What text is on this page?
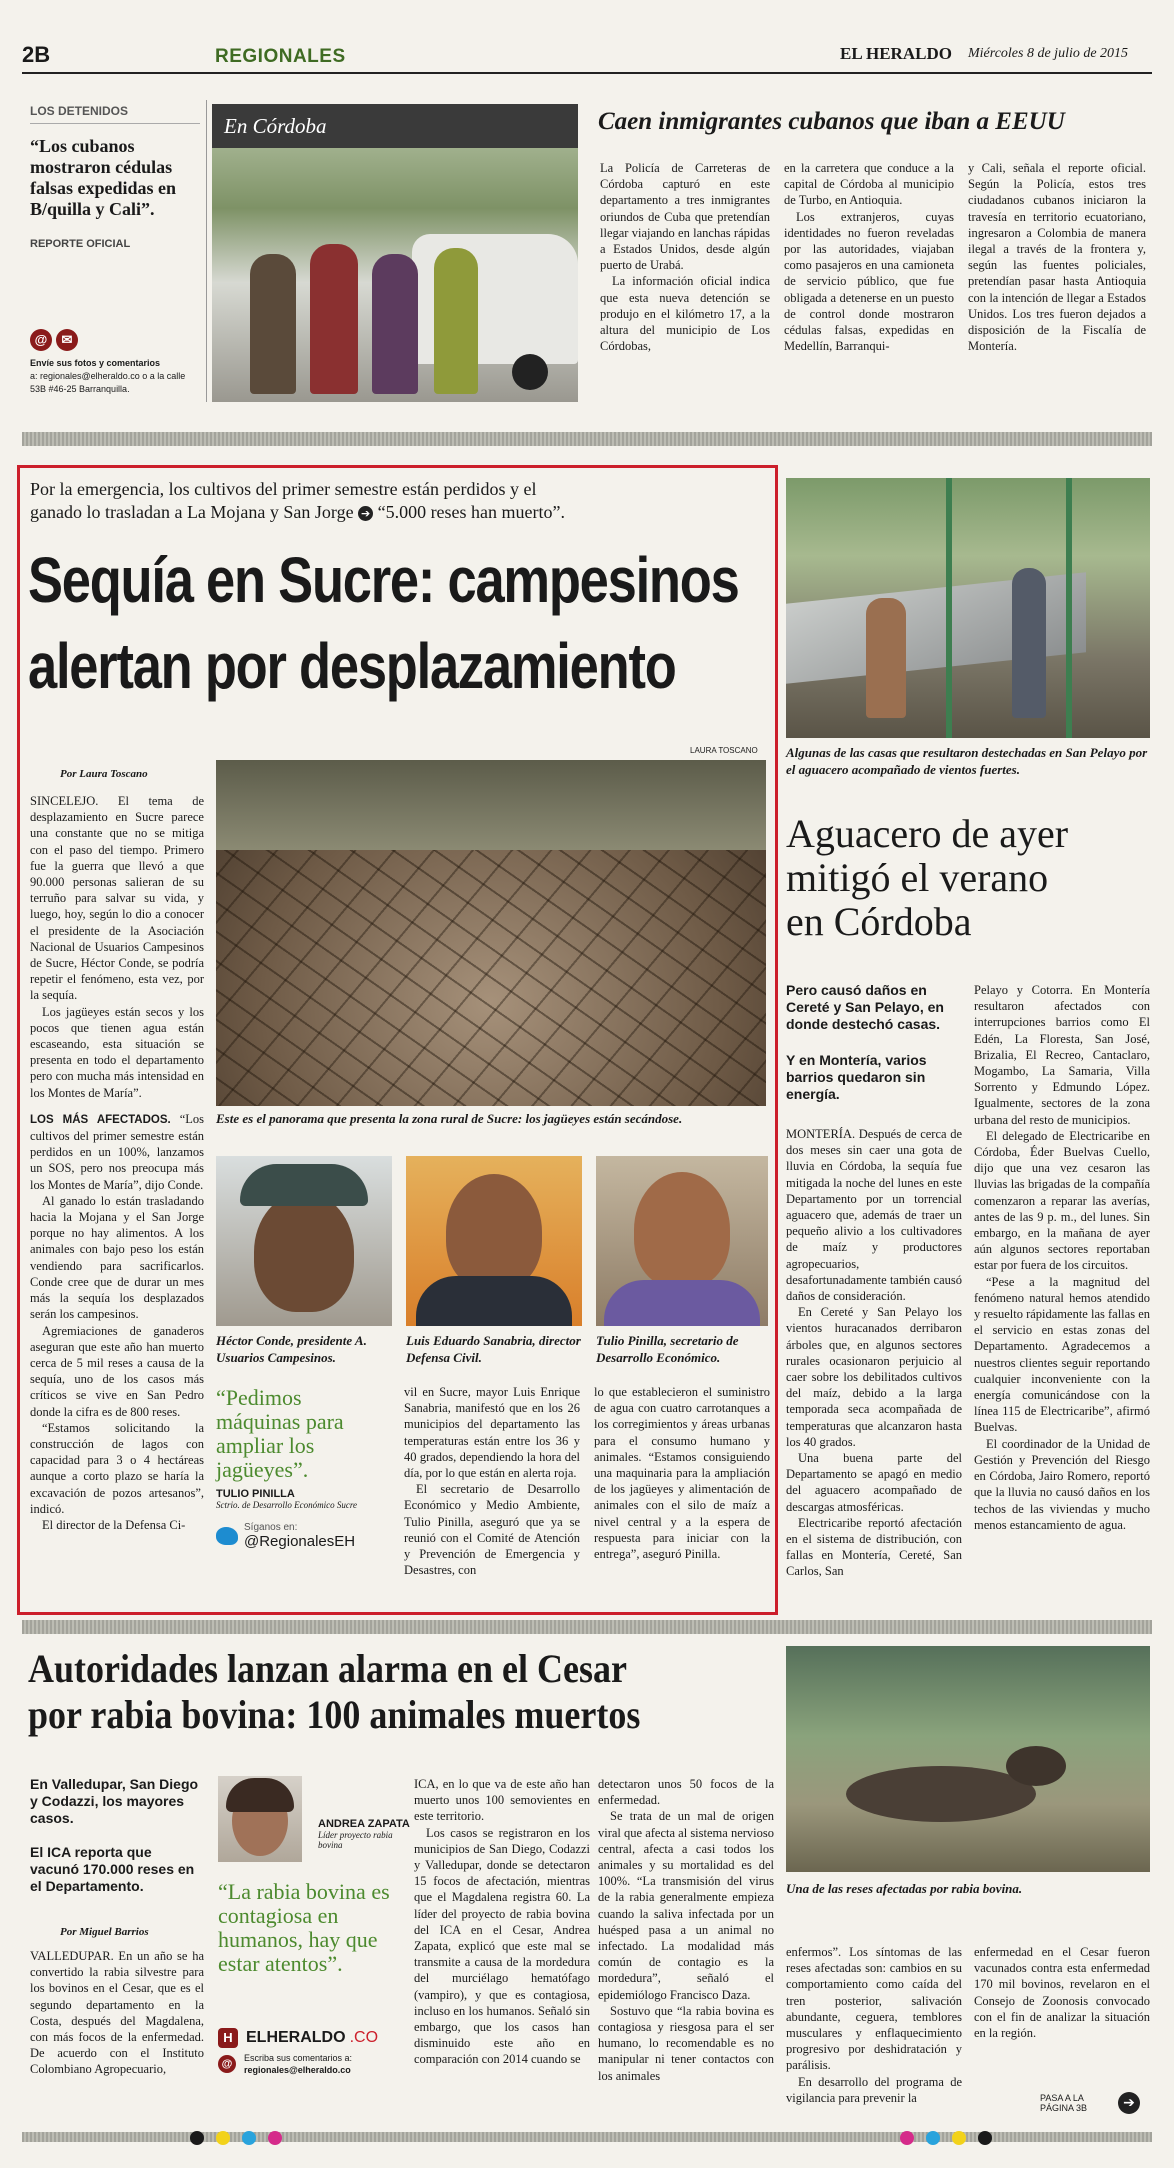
2B	REGIONALES	EL HERALDO Miércoles 8 de julio de 2015
LOS DETENIDOS
“Los cubanos mostraron cédulas falsas expedidas en B/quilla y Cali”.
REPORTE OFICIAL
@ ✉
Envíe sus fotos y comentarios
a: regionales@elheraldo.co o a la calle 53B #46-25 Barranquilla.
En Córdoba	Caen inmigrantes cubanos que iban a EEUU

La Policía de Carreteras de Córdoba capturó en este departamento a tres inmigrantes oriundos de Cuba que pretendían llegar viajando en lanchas rápidas a Estados Unidos, desde algún puerto de Urabá.

La información oficial indica que esta nueva detención se produjo en el kilómetro 17, a la altura del municipio de Los Córdobas,

en la carretera que conduce a la capital de Córdoba al municipio de Turbo, en Antioquia.

Los extranjeros, cuyas identidades no fueron reveladas por las autoridades, viajaban como pasajeros en una camioneta de servicio público, que fue obligada a detenerse en un puesto de control donde mostraron cédulas falsas, expedidas en Medellín, Barranqui-

y Cali, señala el reporte oficial. Según la Policía, estos tres ciudadanos cubanos iniciaron la travesía en territorio ecuatoriano, ingresaron a Colombia de manera ilegal a través de la frontera y, según las fuentes policiales, pretendían pasar hasta Antioquia con la intención de llegar a Estados Unidos. Los tres fueron dejados a disposición de la Fiscalía de Montería.

Por la emergencia, los cultivos del primer semestre están perdidos y el
ganado lo trasladan a La Mojana y San Jorge ➔ “5.000 reses han muerto”.
Sequía en Sucre: campesinos
alertan por desplazamiento
LAURA TOSCANO
Por Laura Toscano
Este es el panorama que presenta la zona rural de Sucre: los jagüeyes están secándose.

SINCELEJO. El tema de desplazamiento en Sucre parece una constante que no se mitiga con el paso del tiempo. Primero fue la guerra que llevó a que 90.000 personas salieran de su terruño para salvar su vida, y luego, hoy, según lo dio a conocer el presidente de la Asociación Nacional de Usuarios Campesinos de Sucre, Héctor Conde, se podría repetir el fenómeno, esta vez, por la sequía.

Los jagüeyes están secos y los pocos que tienen agua están escaseando, esta situación se presenta en todo el departamento pero con mucha más intensidad en los Montes de María”.

LOS MÁS AFECTADOS. “Los cultivos del primer semestre están perdidos en un 100%, lanzamos un SOS, pero nos preocupa más los Montes de María”, dijo Conde.

Al ganado lo están trasladando hacia la Mojana y el San Jorge porque no hay alimentos. A los animales con bajo peso los están vendiendo para sacrificarlos. Conde cree que de durar un mes más la sequía los desplazados serán los campesinos.

Agremiaciones de ganaderos aseguran que este año han muerto cerca de 5 mil reses a causa de la sequía, uno de los casos más críticos se vive en San Pedro donde la cifra es de 800 reses.

“Estamos solicitando la construcción de lagos con capacidad para 3 o 4 hectáreas aunque a corto plazo se haría la excavación de pozos artesanos”, indicó.

El director de la Defensa Ci-

Héctor Conde, presidente A. Usuarios Campesinos.
Luis Eduardo Sanabria, director Defensa Civil.
Tulio Pinilla, secretario de Desarrollo Económico.
“Pedimos máquinas para ampliar los jagüeyes”.
TULIO PINILLA
Sctrio. de Desarrollo Económico Sucre
Síganos en:
@RegionalesEH

vil en Sucre, mayor Luis Enrique Sanabria, manifestó que en los 26 municipios del departamento las temperaturas están entre los 36 y 40 grados, dependiendo la hora del día, por lo que están en alerta roja.

El secretario de Desarrollo Económico y Medio Ambiente, Tulio Pinilla, aseguró que ya se reunió con el Comité de Atención y Prevención de Emergencia y Desastres, con

lo que establecieron el suministro de agua con cuatro carrotanques a los corregimientos y áreas urbanas para el consumo humano y animales. “Estamos consiguiendo una maquinaria para la ampliación de los jagüeyes y alimentación de animales con el silo de maíz a nivel central y a la espera de respuesta para iniciar con la entrega”, aseguró Pinilla.

Algunas de las casas que resultaron destechadas en San Pelayo por el aguacero acompañado de vientos fuertes.
Aguacero de ayer mitigó el verano en Córdoba
Pero causó daños en Cereté y San Pelayo, en donde destechó casas.
Y en Montería, varios barrios quedaron sin energía.

MONTERÍA. Después de cerca de dos meses sin caer una gota de lluvia en Córdoba, la sequía fue mitigada la noche del lunes en este Departamento por un torrencial aguacero que, además de traer un pequeño alivio a los cultivadores de maíz y productores agropecuarios, desafortunadamente también causó daños de consideración.

En Cereté y San Pelayo los vientos huracanados derribaron árboles que, en algunos sectores rurales ocasionaron perjuicio al caer sobre los debilitados cultivos del maíz, debido a la larga temporada seca acompañada de temperaturas que alcanzaron hasta los 40 grados.

Una buena parte del Departamento se apagó en medio del aguacero acompañado de descargas atmosféricas.

Electricaribe reportó afectación en el sistema de distribución, con fallas en Montería, Cereté, San Carlos, San

Pelayo y Cotorra. En Montería resultaron afectados con interrupciones barrios como El Edén, La Floresta, San José, Brizalia, El Recreo, Cantaclaro, Mogambo, La Samaria, Villa Sorrento y Edmundo López. Igualmente, sectores de la zona urbana del resto de municipios.

El delegado de Electricaribe en Córdoba, Éder Buelvas Cuello, dijo que una vez cesaron las lluvias las brigadas de la compañía comenzaron a reparar las averías, antes de las 9 p. m., del lunes. Sin embargo, en la mañana de ayer aún algunos sectores reportaban estar por fuera de los circuitos.

“Pese a la magnitud del fenómeno natural hemos atendido y resuelto rápidamente las fallas en el servicio en estas zonas del Departamento. Agradecemos a nuestros clientes seguir reportando cualquier inconveniente con la energía comunicándose con la línea 115 de Electricaribe”, afirmó Buelvas.

El coordinador de la Unidad de Gestión y Prevención del Riesgo en Córdoba, Jairo Romero, reportó que la lluvia no causó daños en los techos de las viviendas y mucho menos estancamiento de agua.

Autoridades lanzan alarma en el Cesar
por rabia bovina: 100 animales muertos
En Valledupar, San Diego y Codazzi, los mayores casos.
El ICA reporta que vacunó 170.000 reses en el Departamento.
Por Miguel Barrios

VALLEDUPAR. En un año se ha convertido la rabia silvestre para los bovinos en el Cesar, que es el segundo departamento en la Costa, después del Magdalena, con más focos de la enfermedad. De acuerdo con el Instituto Colombiano Agropecuario,

ANDREA ZAPATA
Líder proyecto rabia bovina
“La rabia bovina es contagiosa en humanos, hay que estar atentos”.
H ELHERALDO .CO
@	Escriba sus comentarios a:
regionales@elheraldo.co

ICA, en lo que va de este año han muerto unos 100 semovientes en este territorio.

Los casos se registraron en los municipios de San Diego, Codazzi y Valledupar, donde se detectaron 15 focos de afectación, mientras que el Magdalena registra 60. La líder del proyecto de rabia bovina del ICA en el Cesar, Andrea Zapata, explicó que este mal se transmite a causa de la mordedura del murciélago hematófago (vampiro), y que es contagiosa, incluso en los humanos. Señaló sin embargo, que los casos han disminuido este año en comparación con 2014 cuando se

detectaron unos 50 focos de la enfermedad.

Se trata de un mal de origen viral que afecta al sistema nervioso central, afecta a casi todos los animales y su mortalidad es del 100%. “La transmisión del virus de la rabia generalmente empieza cuando la saliva infectada por un huésped pasa a un animal no infectado. La modalidad más común de contagio es la mordedura”, señaló el epidemiólogo Francisco Daza.

Sostuvo que “la rabia bovina es contagiosa y riesgosa para el ser humano, lo recomendable es no manipular ni tener contactos con los animales

Una de las reses afectadas por rabia bovina.

enfermos”. Los síntomas de las reses afectadas son: cambios en su comportamiento como caída del tren posterior, salivación abundante, ceguera, temblores musculares y enflaquecimiento progresivo por deshidratación y parálisis.

En desarrollo del programa de vigilancia para prevenir la

enfermedad en el Cesar fueron vacunados contra esta enfermedad 170 mil bovinos, revelaron en el Consejo de Zoonosis convocado con el fin de analizar la situación en la región.

PASA A LA PÁGINA 3B	➔
